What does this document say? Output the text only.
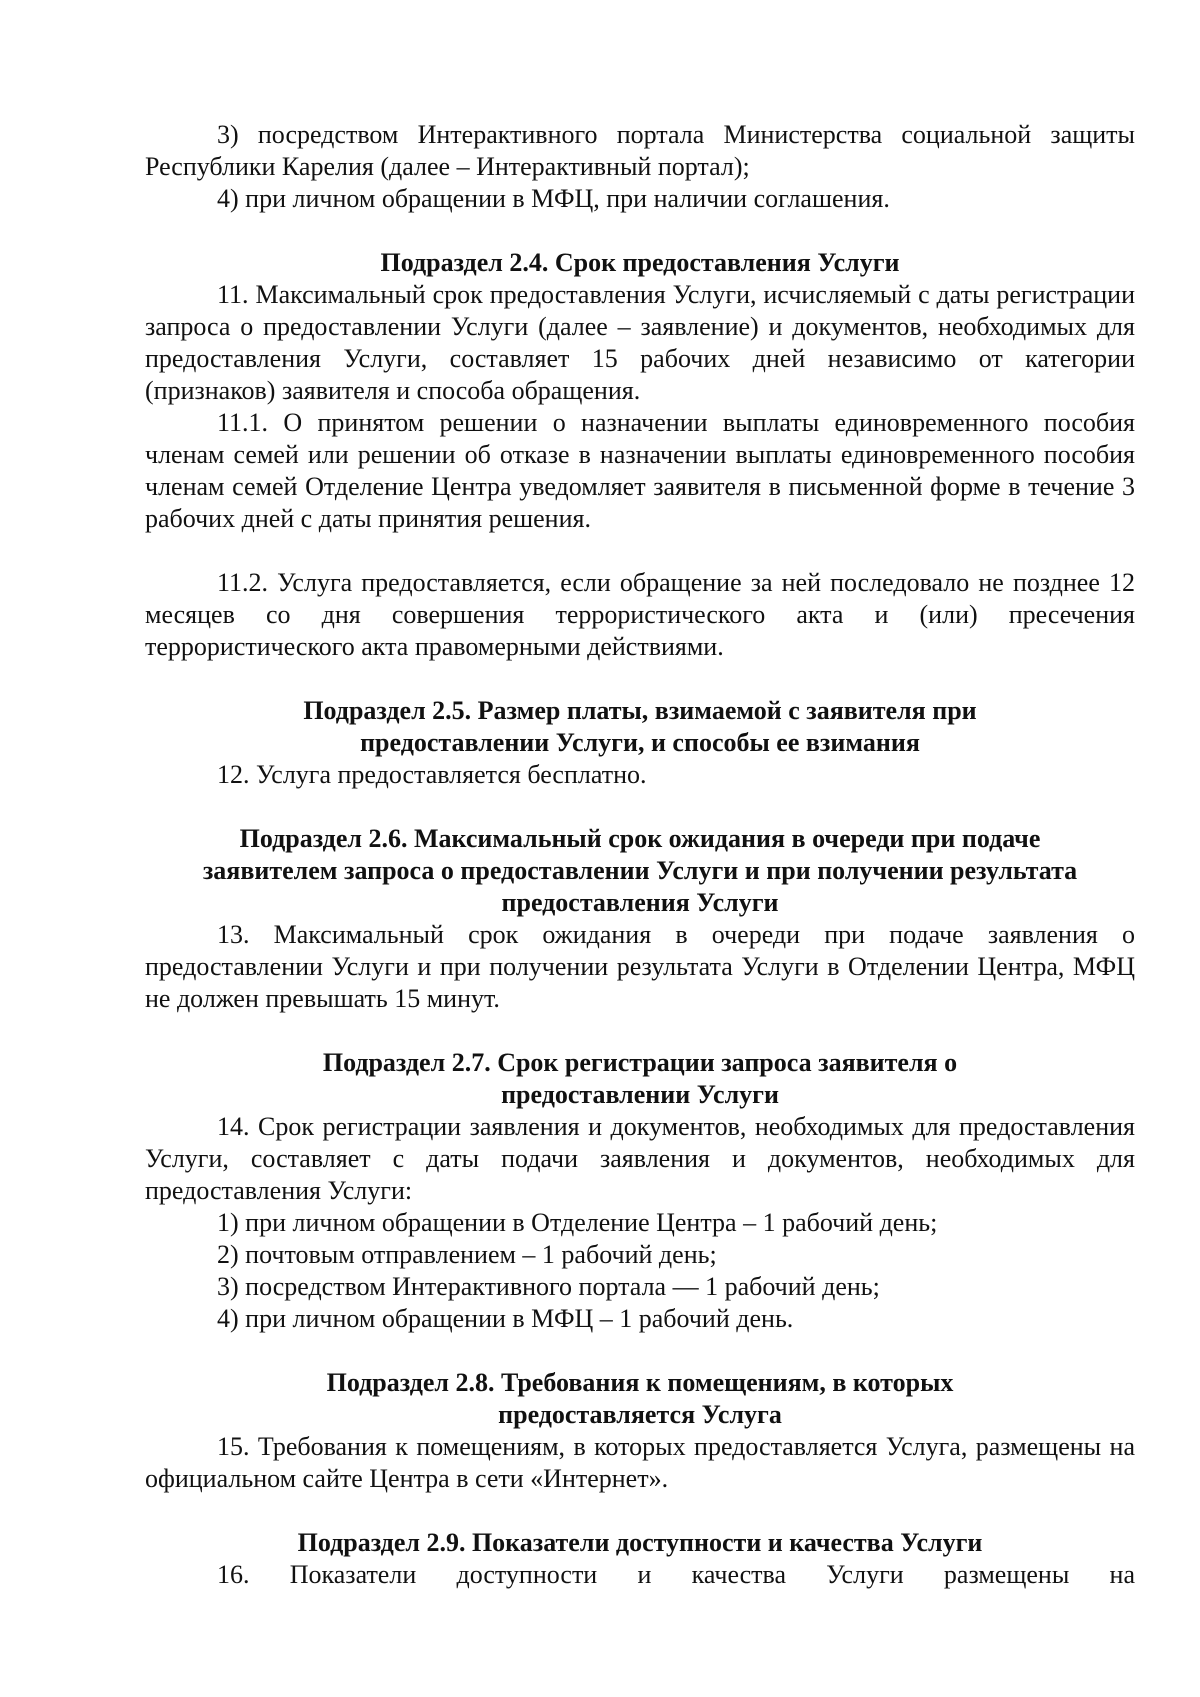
3) посредством Интерактивного портала Министерства социальной защиты Республики Карелия (далее – Интерактивный портал);

4) при личном обращении в МФЦ, при наличии соглашения.

Подраздел 2.4. Срок предоставления Услуги

11. Максимальный срок предоставления Услуги, исчисляемый с даты регистрации запроса о предоставлении Услуги (далее – заявление) и документов, необходимых для предоставления Услуги, составляет 15 рабочих дней независимо от категории (признаков) заявителя и способа обращения.

11.1. О принятом решении о назначении выплаты единовременного пособия членам семей или решении об отказе в назначении выплаты единовременного пособия членам семей Отделение Центра уведомляет заявителя в письменной форме в течение 3 рабочих дней с даты принятия решения.

11.2. Услуга предоставляется, если обращение за ней последовало не позднее 12 месяцев со дня совершения террористического акта и (или) пресечения террористического акта правомерными действиями.

Подраздел 2.5. Размер платы, взимаемой с заявителя при
предоставлении Услуги, и способы ее взимания

12. Услуга предоставляется бесплатно.

Подраздел 2.6. Максимальный срок ожидания в очереди при подаче
заявителем запроса о предоставлении Услуги и при получении результата
предоставления Услуги

13. Максимальный срок ожидания в очереди при подаче заявления о предоставлении Услуги и при получении результата Услуги в Отделении Центра, МФЦ не должен превышать 15 минут.

Подраздел 2.7. Срок регистрации запроса заявителя о
предоставлении Услуги

14. Срок регистрации заявления и документов, необходимых для предоставления Услуги, составляет с даты подачи заявления и документов, необходимых для предоставления Услуги:

1) при личном обращении в Отделение Центра – 1 рабочий день;

2) почтовым отправлением – 1 рабочий день;

3) посредством Интерактивного портала — 1 рабочий день;

4) при личном обращении в МФЦ – 1 рабочий день.

Подраздел 2.8. Требования к помещениям, в которых
предоставляется Услуга

15. Требования к помещениям, в которых предоставляется Услуга, размещены на официальном сайте Центра в сети «Интернет».

Подраздел 2.9. Показатели доступности и качества Услуги

16. Показатели доступности и качества Услуги размещены на
